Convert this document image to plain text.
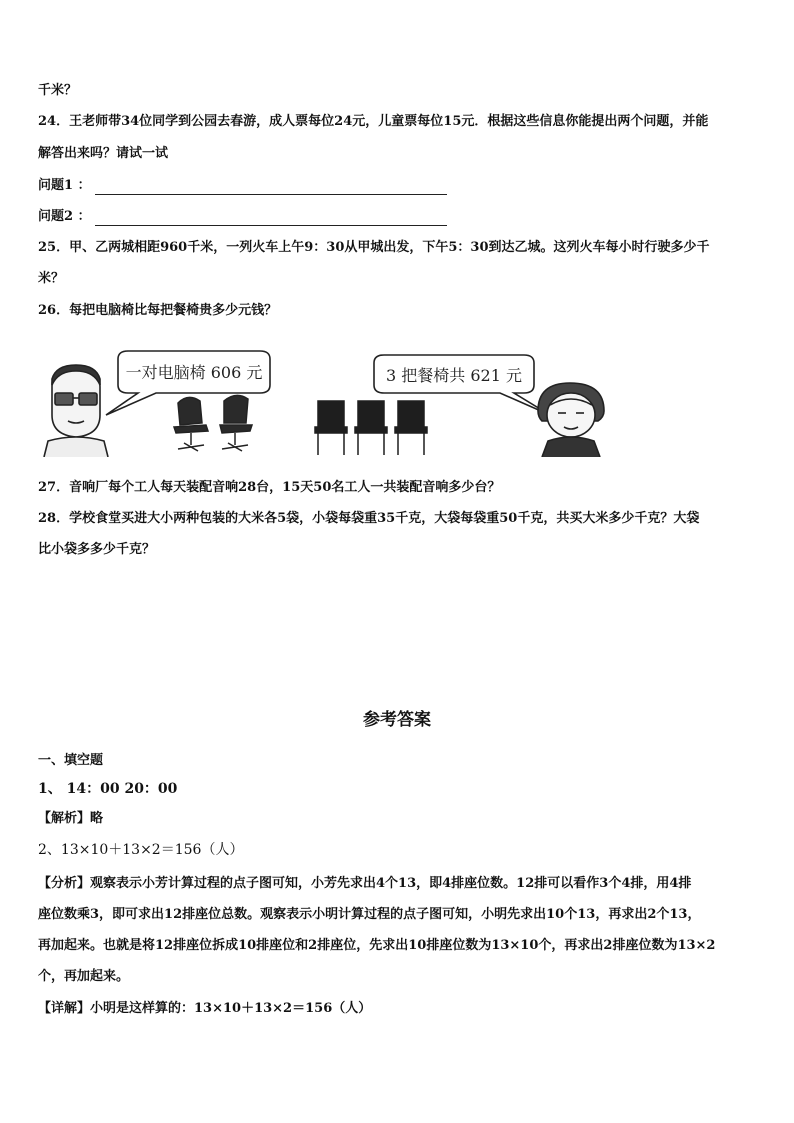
千米？
24．王老师带34位同学到公园去春游，成人票每位24元，儿童票每位15元．根据这些信息你能提出两个问题，并能
解答出来吗？请试一试
问题1 ：
问题2 ：
25．甲、乙两城相距960千米，一列火车上午9：30从甲城出发，下午5：30到达乙城。这列火车每小时行驶多少千
米？
26．每把电脑椅比每把餐椅贵多少元钱？
一对电脑椅 606 元	3 把餐椅共 621 元
27．音响厂每个工人每天装配音响28台，15天50名工人一共装配音响多少台？
28．学校食堂买进大小两种包装的大米各5袋，小袋每袋重35千克，大袋每袋重50千克，共买大米多少千克？大袋
比小袋多多少千克？
参考答案
一、填空题
1、 14：00 20：00
【解析】略
2、13×10＋13×2＝156（人）
【分析】观察表示小芳计算过程的点子图可知，小芳先求出4个13，即4排座位数。12排可以看作3个4排，用4排
座位数乘3，即可求出12排座位总数。观察表示小明计算过程的点子图可知，小明先求出10个13，再求出2个13，
再加起来。也就是将12排座位拆成10排座位和2排座位，先求出10排座位数为13×10个，再求出2排座位数为13×2
个，再加起来。
【详解】小明是这样算的：13×10＋13×2＝156（人）
